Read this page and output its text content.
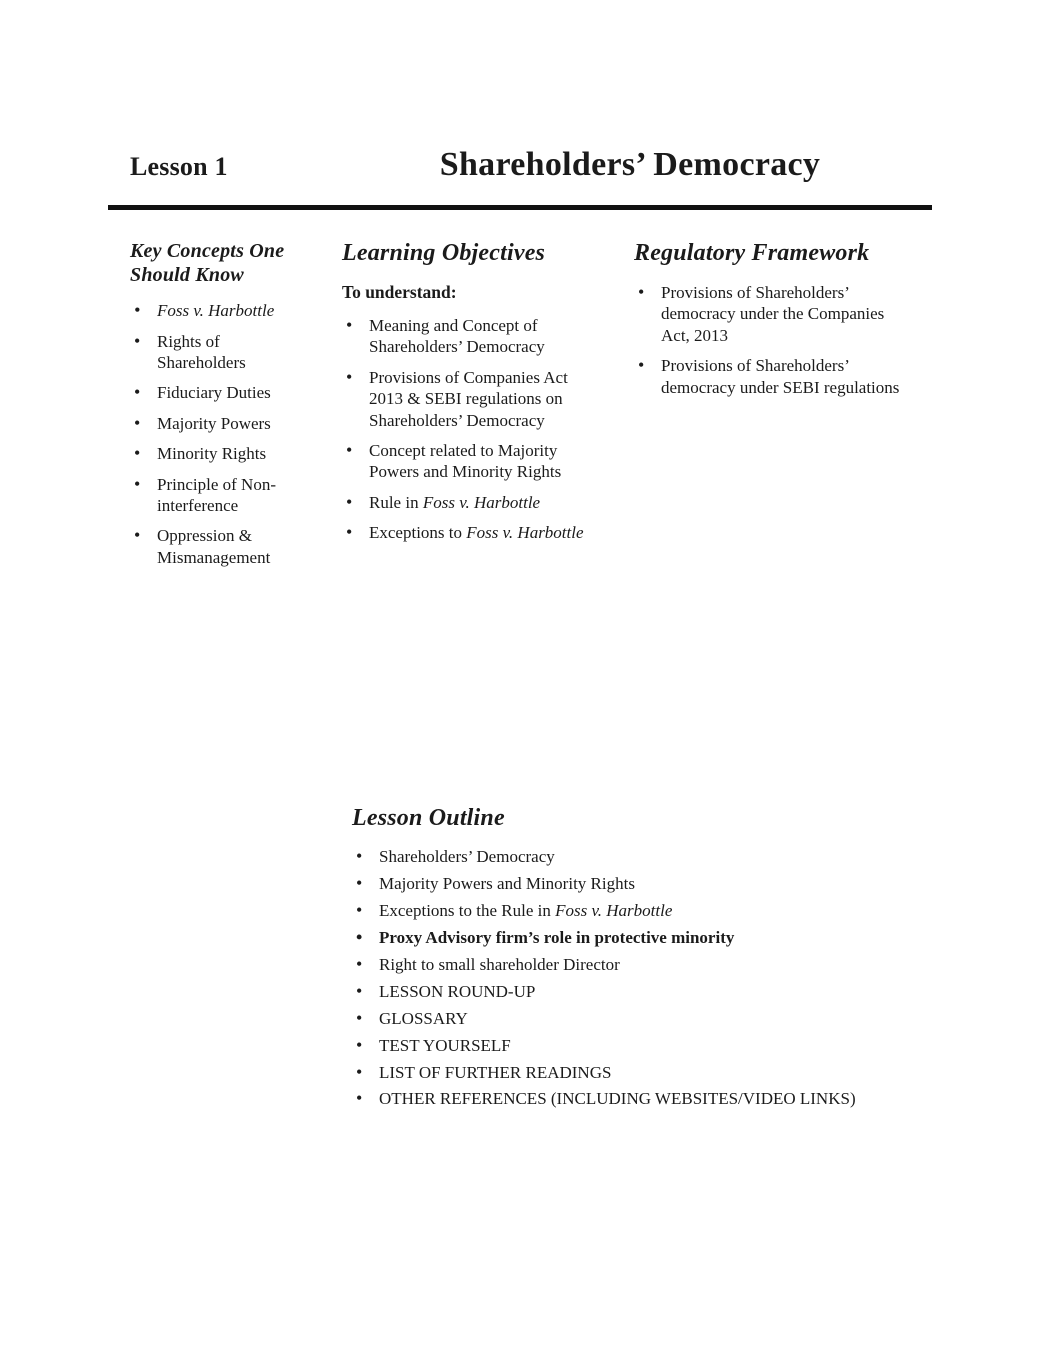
Lesson 1	Shareholders’ Democracy
Key Concepts One Should Know
• Foss v. Harbottle
• Rights of Shareholders
• Fiduciary Duties
• Majority Powers
• Minority Rights
• Principle of Non-interference
• Oppression & Mismanagement
Learning Objectives

To understand:

• Meaning and Concept of Shareholders’ Democracy
• Provisions of Companies Act 2013 & SEBI regulations on Shareholders’ Democracy
• Concept related to Majority Powers and Minority Rights
• Rule in Foss v. Harbottle
• Exceptions to Foss v. Harbottle
Regulatory Framework
• Provisions of Shareholders’ democracy under the Companies Act, 2013
• Provisions of Shareholders’ democracy under SEBI regulations
Lesson Outline
• Shareholders’ Democracy
• Majority Powers and Minority Rights
• Exceptions to the Rule in Foss v. Harbottle
• Proxy Advisory firm’s role in protective minority
• Right to small shareholder Director
• LESSON ROUND-UP
• GLOSSARY
• TEST YOURSELF
• LIST OF FURTHER READINGS
• OTHER REFERENCES (INCLUDING WEBSITES/VIDEO LINKS)
